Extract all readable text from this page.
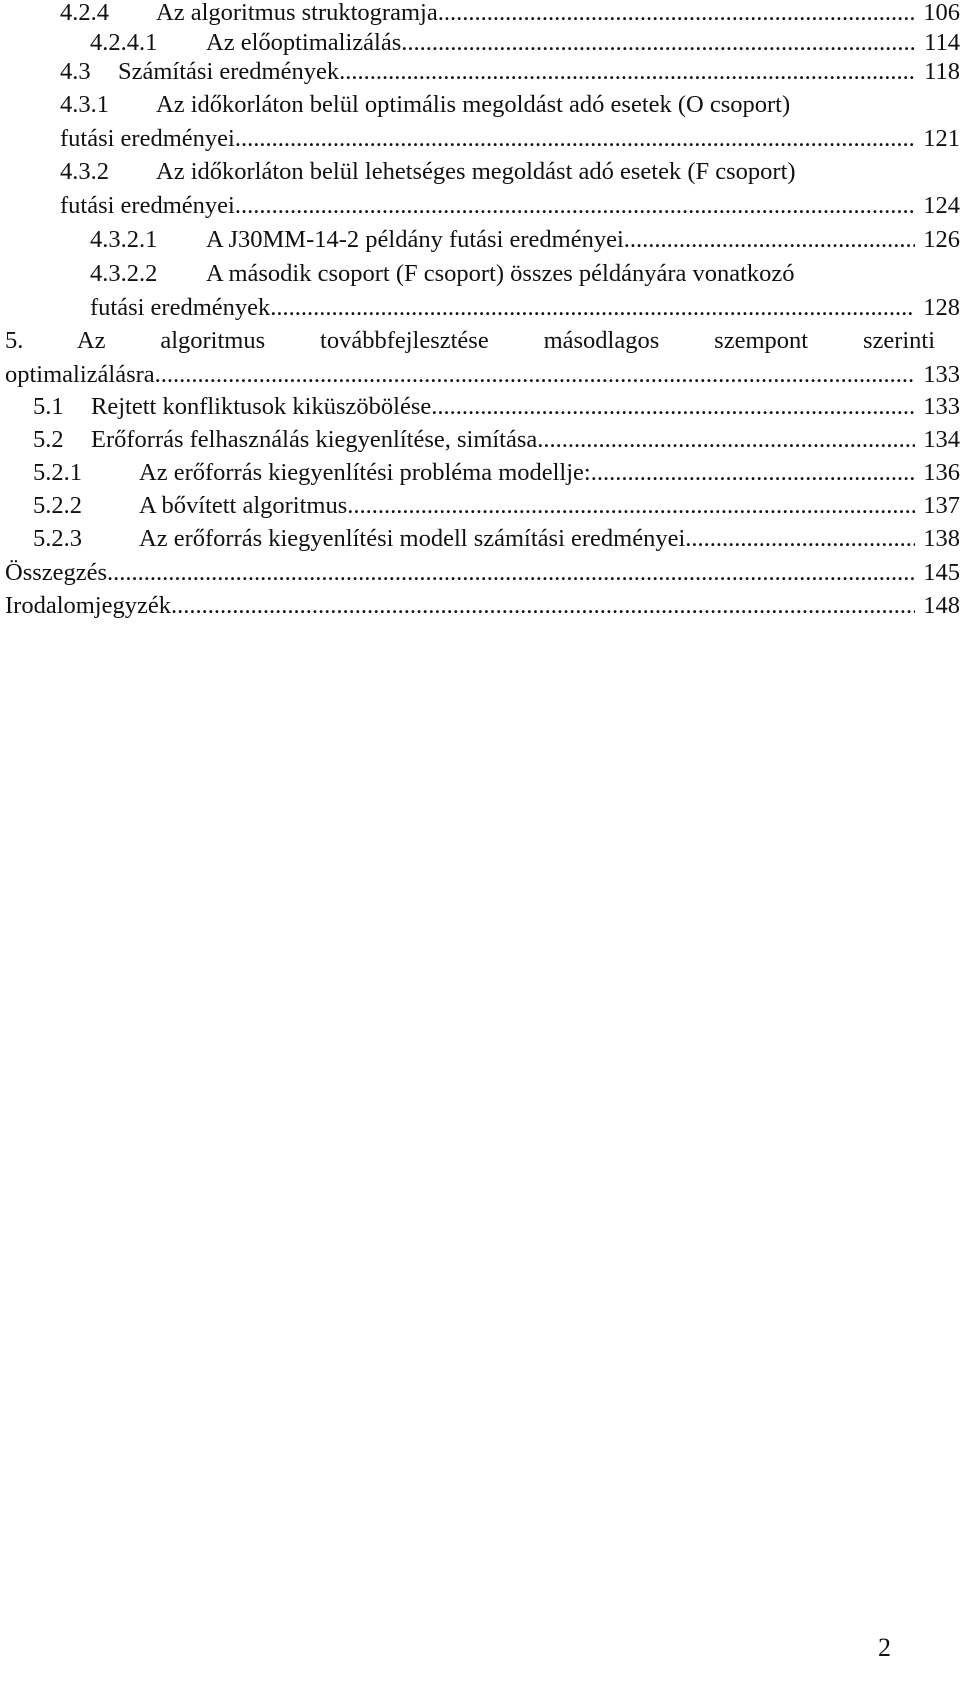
4.2.4	Az algoritmus struktogramja .....	106
4.2.4.1	Az előoptimalizálás .....	114
4.3	Számítási eredmények .....	118
4.3.1	Az időkorláton belül optimális megoldást adó esetek (O csoport)
futási eredményei .....	121
4.3.2	Az időkorláton belül lehetséges megoldást adó esetek (F csoport)
futási eredményei .....	124
4.3.2.1	A J30MM-14-2 példány futási eredményei .....	126
4.3.2.2	A második csoport (F csoport) összes példányára vonatkozó
futási eredmények .....	128
5. Az algoritmus továbbfejlesztése másodlagos szempont szerinti
optimalizálásra .....	133
5.1	Rejtett konfliktusok kiküszöbölése .....	133
5.2	Erőforrás felhasználás kiegyenlítése, simítása .....	134
5.2.1	Az erőforrás kiegyenlítési probléma modellje: .....	136
5.2.2	A bővített algoritmus .....	137
5.2.3	Az erőforrás kiegyenlítési modell számítási eredményei .....	138
Összegzés .....	145
Irodalomjegyzék .....	148
2
